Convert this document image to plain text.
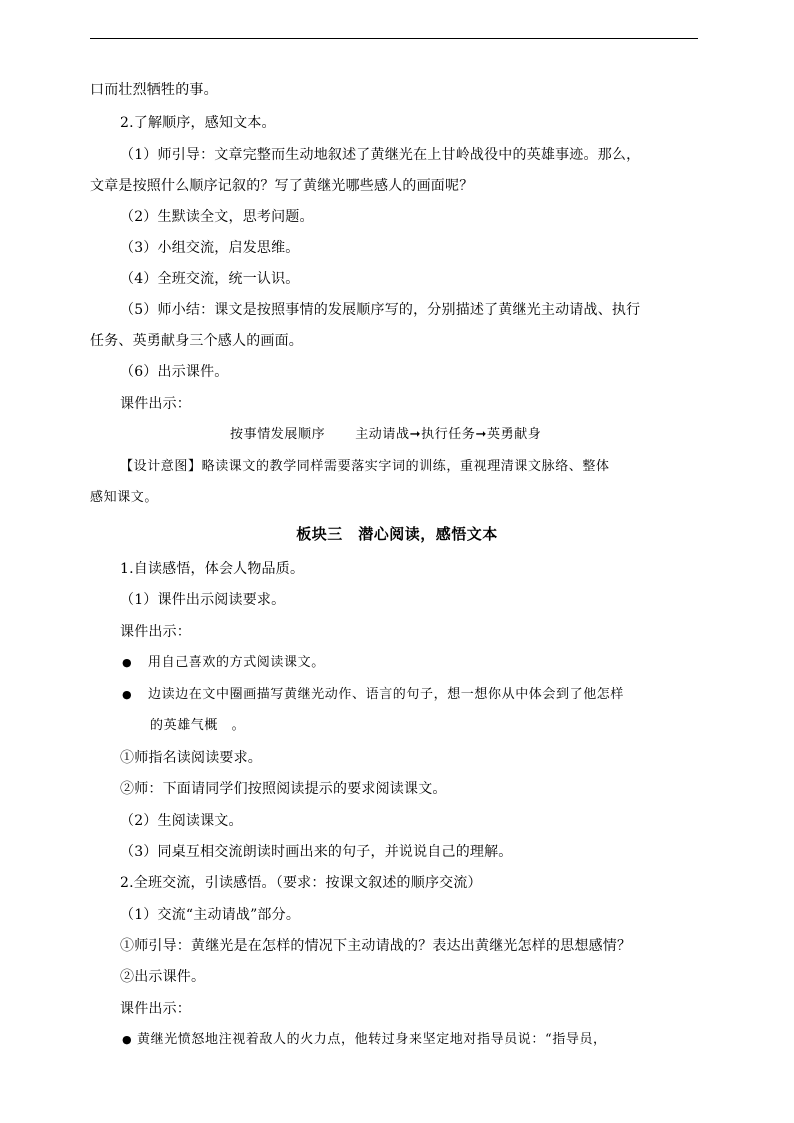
口而壮烈牺牲的事。
2.了解顺序，感知文本。
（1）师引导：文章完整而生动地叙述了黄继光在上甘岭战役中的英雄事迹。那么，
文章是按照什么顺序记叙的？写了黄继光哪些感人的画面呢？
（2）生默读全文，思考问题。
（3）小组交流，启发思维。
（4）全班交流，统一认识。
（5）师小结：课文是按照事情的发展顺序写的，分别描述了黄继光主动请战、执行
任务、英勇献身三个感人的画面。
（6）出示课件。
课件出示：
按事情发展顺序 主动请战➞执行任务➞英勇献身
【设计意图】略读课文的教学同样需要落实字词的训练，重视理清课文脉络、整体
感知课文。
板块三　潜心阅读，感悟文本
1.自读感悟，体会人物品质。
（1）课件出示阅读要求。
课件出示：
● 用自己喜欢的方式阅读课文。
● 边读边在文中圈画描写黄继光动作、语言的句子，想一想你从中体会到了他怎样
的英雄气概　。
①师指名读阅读要求。
②师：下面请同学们按照阅读提示的要求阅读课文。
（2）生阅读课文。
（3）同桌互相交流朗读时画出来的句子，并说说自己的理解。
2.全班交流，引读感悟。（要求：按课文叙述的顺序交流）
（1）交流“主动请战”部分。
①师引导：黄继光是在怎样的情况下主动请战的？表达出黄继光怎样的思想感情？
②出示课件。
课件出示：
● 黄继光愤怒地注视着敌人的火力点，他转过身来坚定地对指导员说：“指导员，
